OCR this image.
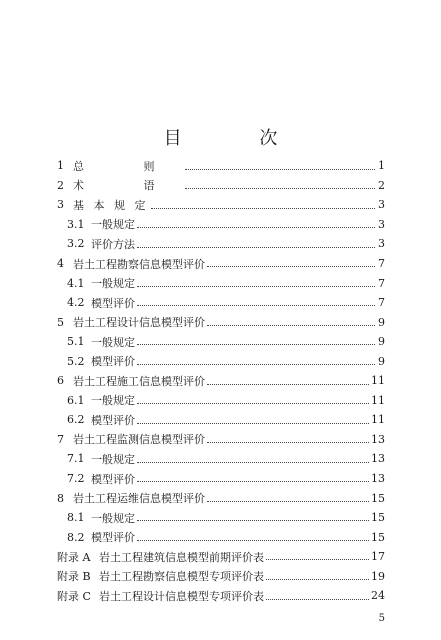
目 次
1 总 则	1
2 术 语	2
3 基 本 规 定	3
3.1 一般规定	3
3.2 评价方法	3
4 岩土工程勘察信息模型评价	7
4.1 一般规定	7
4.2 模型评价	7
5 岩土工程设计信息模型评价	9
5.1 一般规定	9
5.2 模型评价	9
6 岩土工程施工信息模型评价	11
6.1 一般规定	11
6.2 模型评价	11
7 岩土工程监测信息模型评价	13
7.1 一般规定	13
7.2 模型评价	13
8 岩土工程运维信息模型评价	15
8.1 一般规定	15
8.2 模型评价	15
附录 A 岩土工程建筑信息模型前期评价表	17
附录 B 岩土工程勘察信息模型专项评价表	19
附录 C 岩土工程设计信息模型专项评价表	24
5
